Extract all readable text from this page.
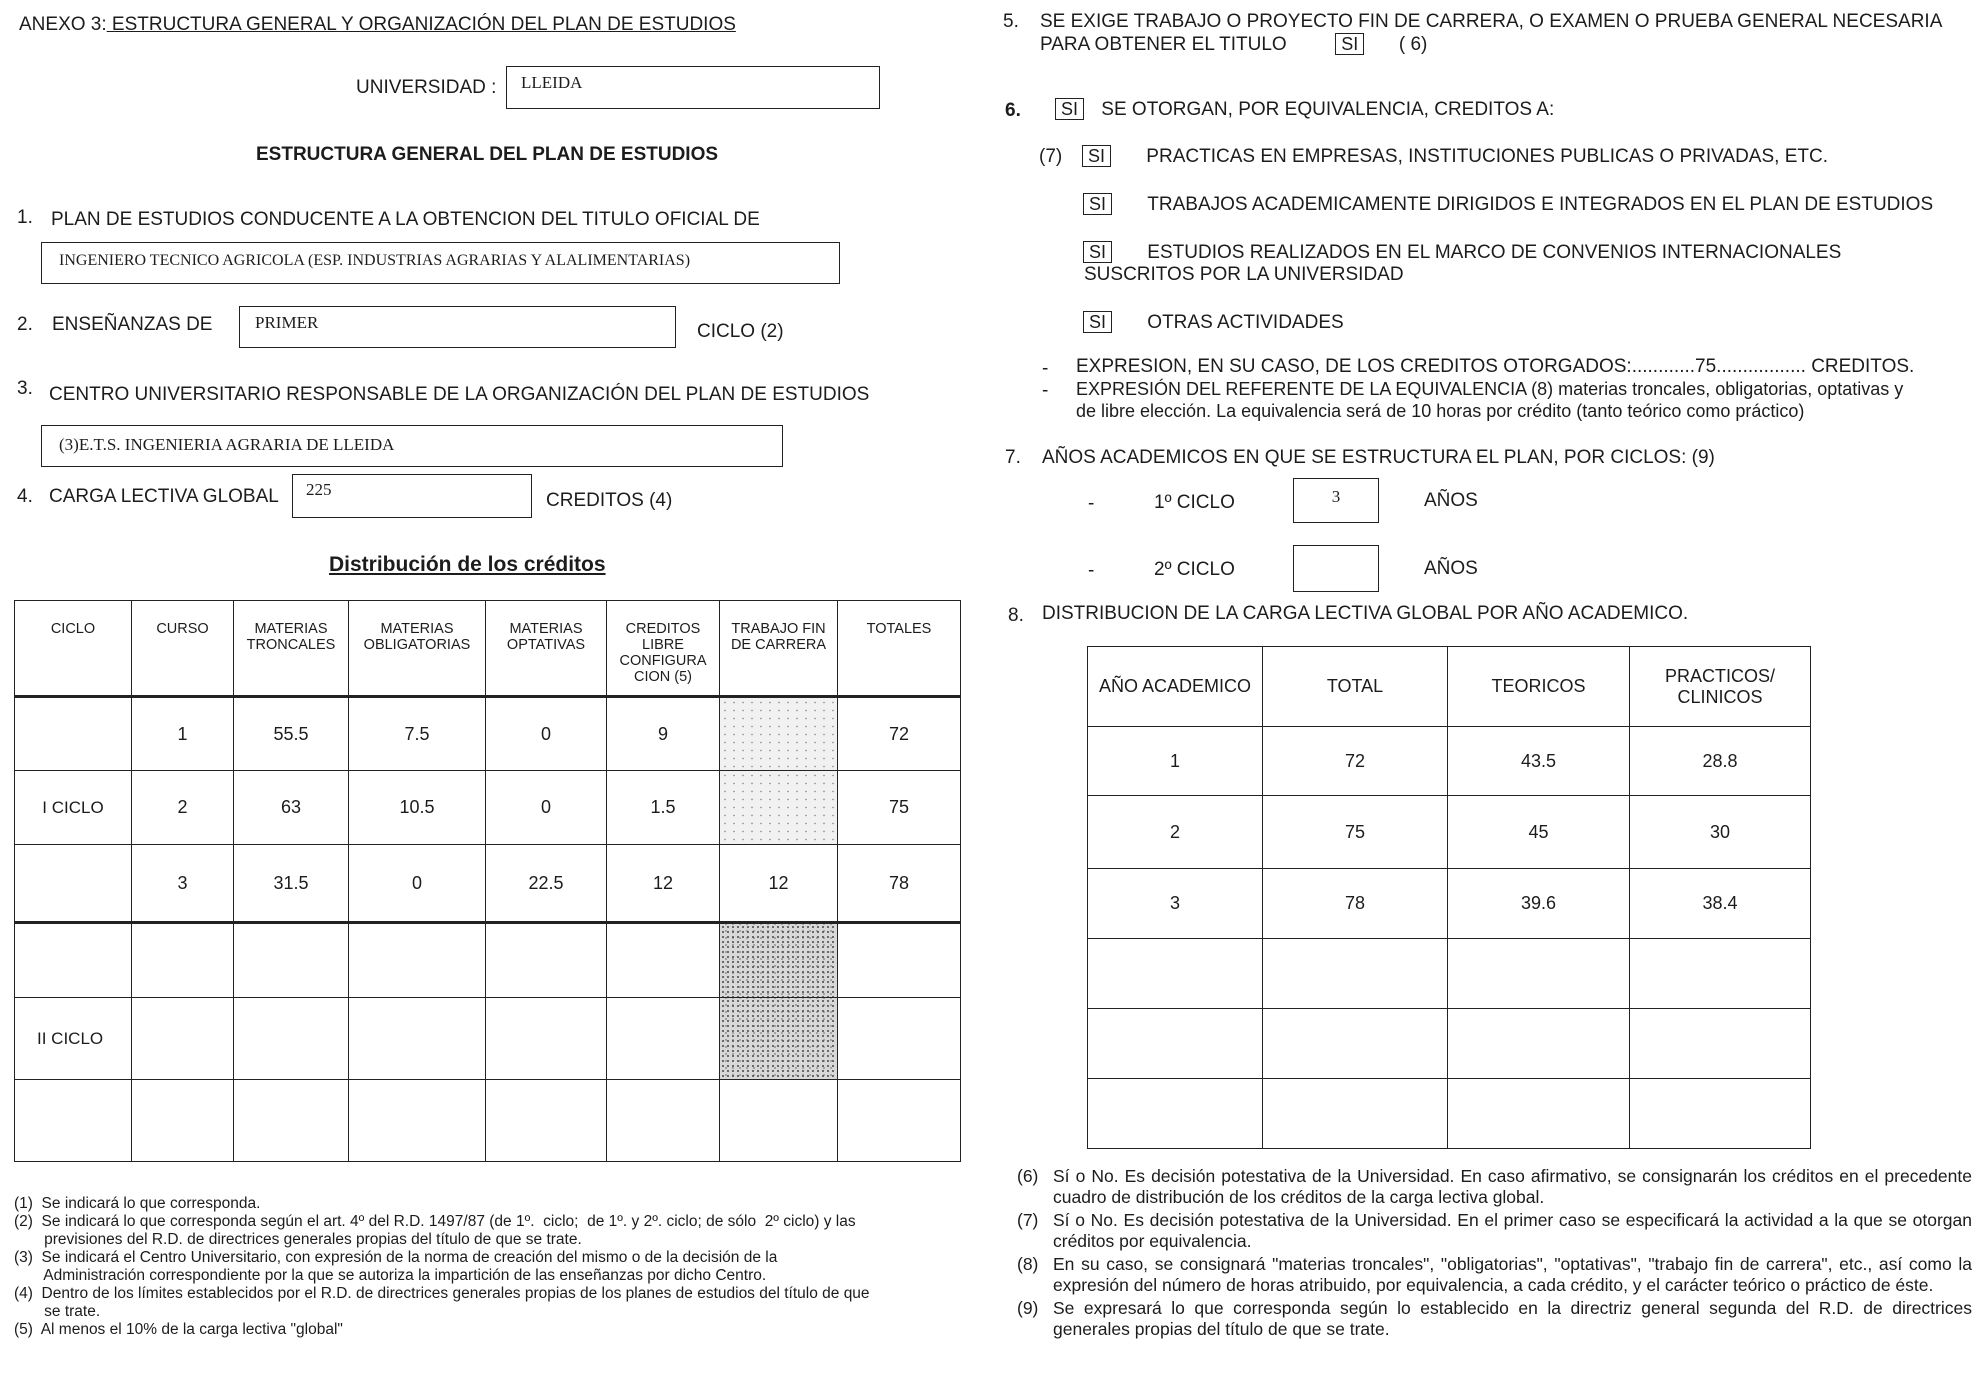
ANEXO 3: ESTRUCTURA GENERAL Y ORGANIZACIÓN DEL PLAN DE ESTUDIOS
UNIVERSIDAD : LLEIDA
ESTRUCTURA GENERAL DEL PLAN DE ESTUDIOS
1. PLAN DE ESTUDIOS CONDUCENTE A LA OBTENCION DEL TITULO OFICIAL DE
INGENIERO TECNICO AGRICOLA (ESP. INDUSTRIAS AGRARIAS Y ALALIMENTARIAS)
2. ENSEÑANZAS DE	PRIMER	CICLO (2)
3. CENTRO UNIVERSITARIO RESPONSABLE DE LA ORGANIZACIÓN DEL PLAN DE ESTUDIOS
(3)E.T.S. INGENIERIA AGRARIA DE LLEIDA
4. CARGA LECTIVA GLOBAL 225
CREDITOS (4)
Distribución de los créditos
CICLO	CURSO	MATERIAS TRONCALES	MATERIAS OBLIGATORIAS	MATERIAS OPTATIVAS	CREDITOS LIBRE CONFIGURA CION (5)	TRABAJO FIN DE CARRERA	TOTALES
	1	55.5	7.5	0	9		72
I CICLO	2	63	10.5	0	1.5		75
	3	31.5	0	22.5	12	12	78

II CICLO							

(1)  Se indicará lo que corresponda.
(2)  Se indicará lo que corresponda según el art. 4º del R.D. 1497/87 (de 1º.  ciclo;  de 1º. y 2º. ciclo; de sólo  2º ciclo) y las
previsiones del R.D. de directrices generales propias del título de que se trate.
(3)  Se indicará el Centro Universitario, con expresión de la norma de creación del mismo o de la decisión de la
Administración correspondiente por la que se autoriza la impartición de las enseñanzas por dicho Centro.
(4)  Dentro de los límites establecidos por el R.D. de directrices generales propias de los planes de estudios del título de que
se trate.
(5)  Al menos el 10% de la carga lectiva "global"
5. SE EXIGE TRABAJO O PROYECTO FIN DE CARRERA, O EXAMEN O PRUEBA GENERAL NECESARIA
PARA OBTENER EL TITULO	SI ( 6)
6.	SI SE OTORGAN, POR EQUIVALENCIA, CREDITOS A:
(7)	SI PRACTICAS EN EMPRESAS, INSTITUCIONES PUBLICAS O PRIVADAS, ETC.
SI TRABAJOS ACADEMICAMENTE DIRIGIDOS E INTEGRADOS EN EL PLAN DE ESTUDIOS
SI ESTUDIOS REALIZADOS EN EL MARCO DE CONVENIOS INTERNACIONALES
SUSCRITOS POR LA UNIVERSIDAD
SI OTRAS ACTIVIDADES
- EXPRESION, EN SU CASO, DE LOS CREDITOS OTORGADOS:............75................. CREDITOS.
- EXPRESIÓN DEL REFERENTE DE LA EQUIVALENCIA (8) materias troncales, obligatorias, optativas y
de libre elección. La equivalencia será de 10 horas por crédito (tanto teórico como práctico)
7. AÑOS ACADEMICOS EN QUE SE ESTRUCTURA EL PLAN, POR CICLOS: (9)
-	1º CICLO	3	AÑOS
-	2º CICLO	AÑOS
8. DISTRIBUCION DE LA CARGA LECTIVA GLOBAL POR AÑO ACADEMICO.
AÑO ACADEMICO	TOTAL	TEORICOS	PRACTICOS/ CLINICOS
1	72	43.5	28.8
2	75	45	30
3	78	39.6	38.4

(6) Sí o No. Es decisión potestativa de la Universidad. En caso afirmativo, se consignarán los créditos en el precedente cuadro de distribución de los créditos de la carga lectiva global.
(7) Sí o No. Es decisión potestativa de la Universidad. En el primer caso se especificará la actividad a la que se otorgan créditos por equivalencia.
(8) En su caso, se consignará "materias troncales", "obligatorias", "optativas", "trabajo fin de carrera", etc., así como la expresión del número de horas atribuido, por equivalencia, a cada crédito, y el carácter teórico o práctico de éste.
(9) Se expresará lo que corresponda según lo establecido en la directriz general segunda del R.D. de directrices generales propias del título de que se trate.
